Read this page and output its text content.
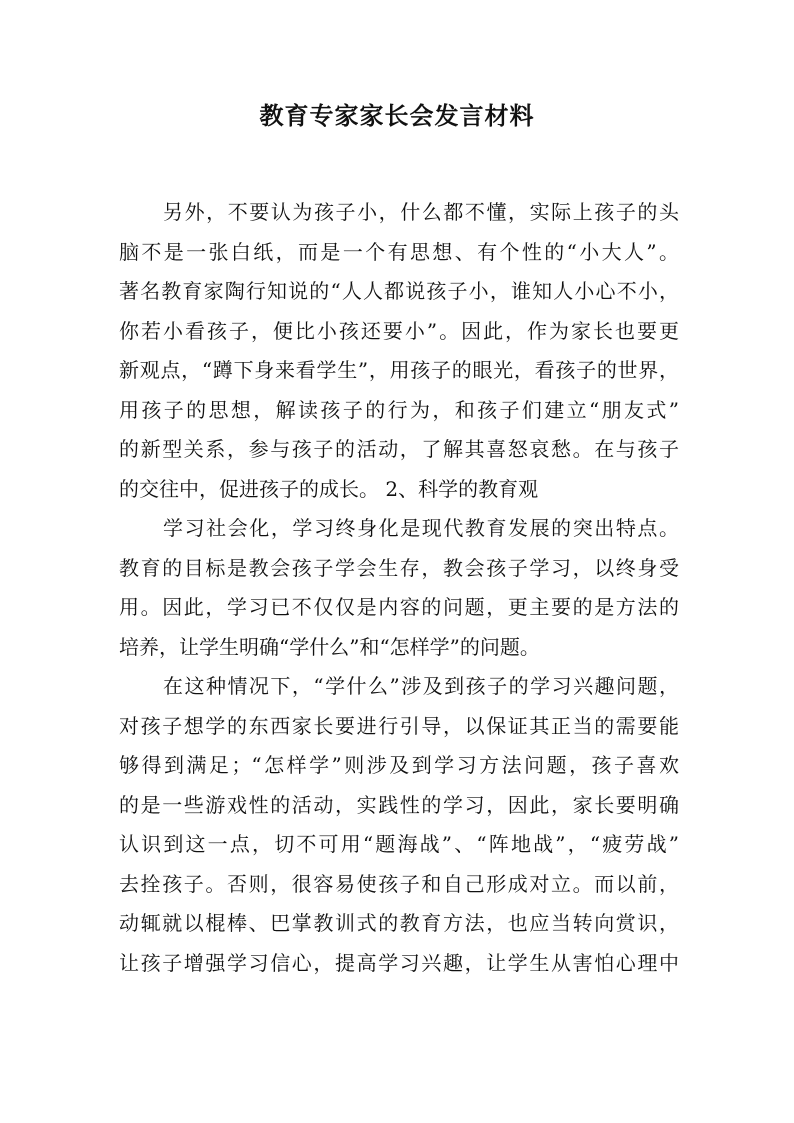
教育专家家长会发言材料
另外，不要认为孩子小，什么都不懂，实际上孩子的头
脑不是一张白纸，而是一个有思想、有个性的“小大人”。
著名教育家陶行知说的“人人都说孩子小，谁知人小心不小，
你若小看孩子，便比小孩还要小”。因此，作为家长也要更
新观点，“蹲下身来看学生”，用孩子的眼光，看孩子的世界，
用孩子的思想，解读孩子的行为，和孩子们建立“朋友式”
的新型关系，参与孩子的活动，了解其喜怒哀愁。在与孩子
的交往中，促进孩子的成长。 2、科学的教育观
学习社会化，学习终身化是现代教育发展的突出特点。
教育的目标是教会孩子学会生存，教会孩子学习，以终身受
用。因此，学习已不仅仅是内容的问题，更主要的是方法的
培养，让学生明确“学什么”和“怎样学”的问题。
在这种情况下，“学什么”涉及到孩子的学习兴趣问题，
对孩子想学的东西家长要进行引导，以保证其正当的需要能
够得到满足；“怎样学”则涉及到学习方法问题，孩子喜欢
的是一些游戏性的活动，实践性的学习，因此，家长要明确
认识到这一点，切不可用“题海战”、“阵地战”，“疲劳战”
去拴孩子。否则，很容易使孩子和自己形成对立。而以前，
动辄就以棍棒、巴掌教训式的教育方法，也应当转向赏识，
让孩子增强学习信心，提高学习兴趣，让学生从害怕心理中
